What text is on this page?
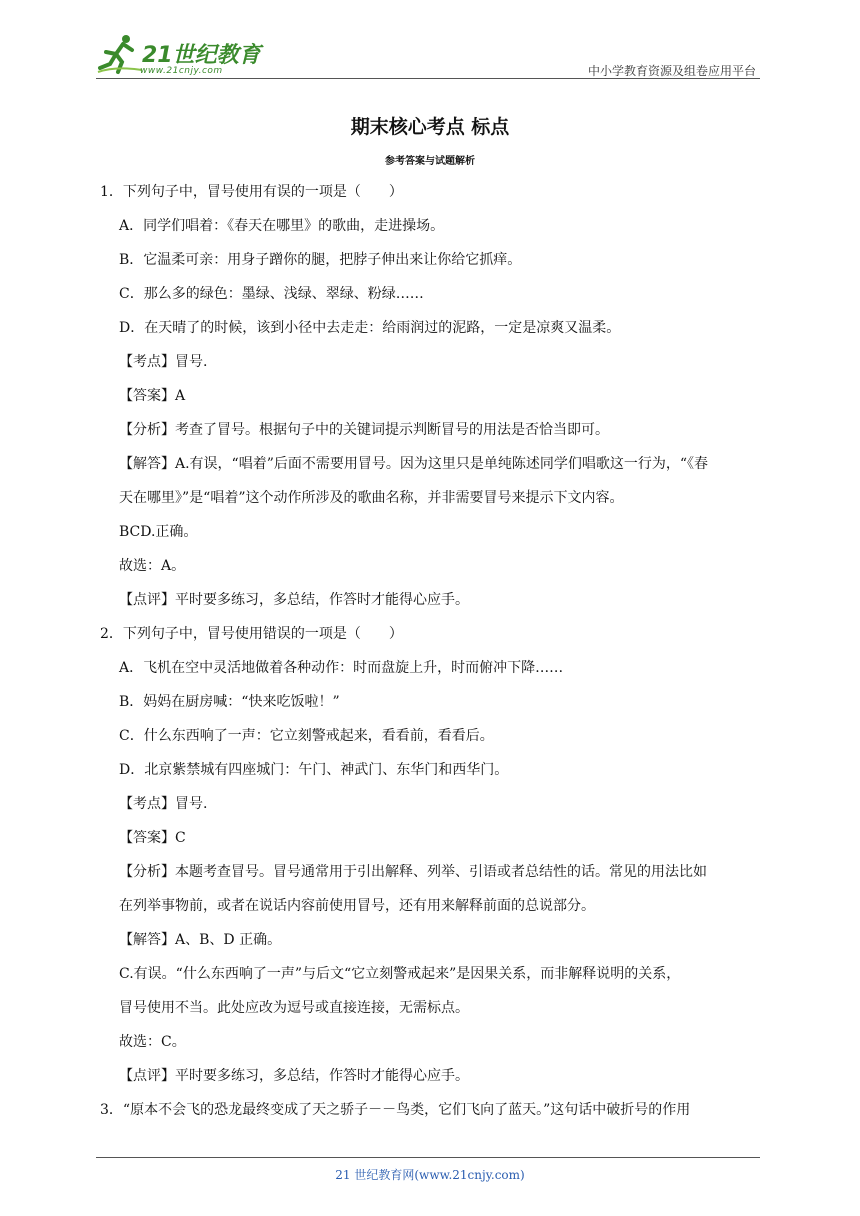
21世纪教育
www.21cnjy.com	中小学教育资源及组卷应用平台
期末核心考点 标点
参考答案与试题解析
1．下列句子中，冒号使用有误的一项是（　　）
A．同学们唱着：《春天在哪里》的歌曲，走进操场。
B．它温柔可亲：用身子蹭你的腿，把脖子伸出来让你给它抓痒。
C．那么多的绿色：墨绿、浅绿、翠绿、粉绿……
D．在天晴了的时候，该到小径中去走走：给雨润过的泥路，一定是凉爽又温柔。
【考点】冒号.
【答案】A
【分析】考查了冒号。根据句子中的关键词提示判断冒号的用法是否恰当即可。
【解答】A.有误，“唱着”后面不需要用冒号。因为这里只是单纯陈述同学们唱歌这一行为，“《春
天在哪里》”是“唱着”这个动作所涉及的歌曲名称，并非需要冒号来提示下文内容。
BCD.正确。
故选：A。
【点评】平时要多练习，多总结，作答时才能得心应手。
2．下列句子中，冒号使用错误的一项是（　　）
A．飞机在空中灵活地做着各种动作：时而盘旋上升，时而俯冲下降……
B．妈妈在厨房喊：“快来吃饭啦！”
C．什么东西响了一声：它立刻警戒起来，看看前，看看后。
D．北京紫禁城有四座城门：午门、神武门、东华门和西华门。
【考点】冒号.
【答案】C
【分析】本题考查冒号。冒号通常用于引出解释、列举、引语或者总结性的话。常见的用法比如
在列举事物前，或者在说话内容前使用冒号，还有用来解释前面的总说部分。
【解答】A、B、D 正确。
C.有误。“什么东西响了一声”与后文“它立刻警戒起来”是因果关系，而非解释说明的关系，
冒号使用不当。此处应改为逗号或直接连接，无需标点。
故选：C。
【点评】平时要多练习，多总结，作答时才能得心应手。
3．“原本不会飞的恐龙最终变成了天之骄子－－鸟类，它们飞向了蓝天。”这句话中破折号的作用
21 世纪教育网(www.21cnjy.com)
